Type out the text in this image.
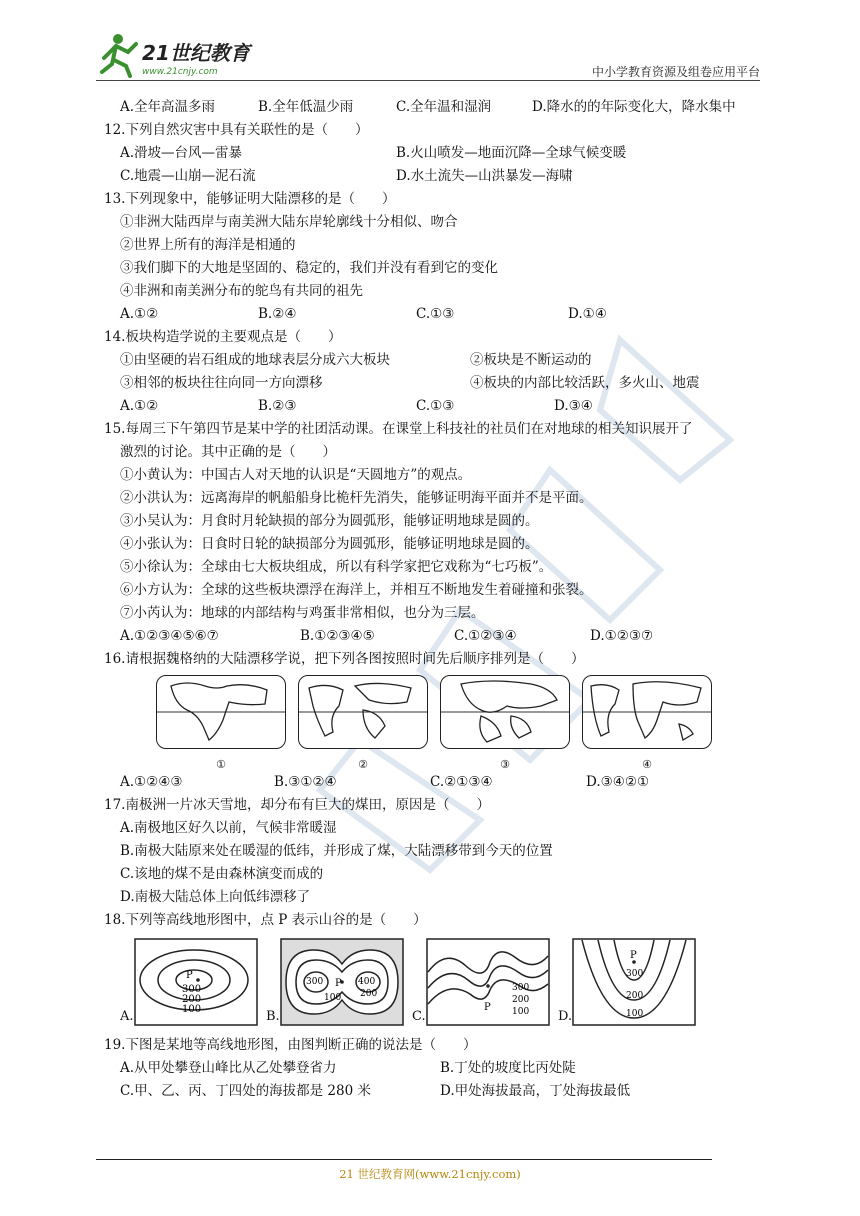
21世纪教育
www.21cnjy.com	中小学教育资源及组卷应用平台
A.全年高温多雨	B.全年低温少雨	C.全年温和湿润	D.降水的的年际变化大，降水集中
12.下列自然灾害中具有关联性的是（　　）
A.滑坡—台风—雷暴	B.火山喷发—地面沉降—全球气候变暖
C.地震—山崩—泥石流	D.水土流失—山洪暴发—海啸
13.下列现象中，能够证明大陆漂移的是（　　）
①非洲大陆西岸与南美洲大陆东岸轮廓线十分相似、吻合
②世界上所有的海洋是相通的
③我们脚下的大地是坚固的、稳定的，我们并没有看到它的变化
④非洲和南美洲分布的鸵鸟有共同的祖先
A.①②	B.②④	C.①③	D.①④
14.板块构造学说的主要观点是（　　）
①由坚硬的岩石组成的地球表层分成六大板块	②板块是不断运动的
③相邻的板块往往向同一方向漂移	④板块的内部比较活跃，多火山、地震
A.①②	B.②③	C.①③	D.③④
15.每周三下午第四节是某中学的社团活动课。在课堂上科技社的社员们在对地球的相关知识展开了
激烈的讨论。其中正确的是（　　）
①小黄认为：中国古人对天地的认识是“天圆地方”的观点。
②小洪认为：远离海岸的帆船船身比桅杆先消失，能够证明海平面并不是平面。
③小吴认为：月食时月轮缺损的部分为圆弧形，能够证明地球是圆的。
④小张认为：日食时日轮的缺损部分为圆弧形，能够证明地球是圆的。
⑤小徐认为：全球由七大板块组成，所以有科学家把它戏称为“七巧板”。
⑥小方认为：全球的这些板块漂浮在海洋上，并相互不断地发生着碰撞和张裂。
⑦小芮认为：地球的内部结构与鸡蛋非常相似，也分为三层。
A.①②③④⑤⑥⑦	B.①②③④⑤	C.①②③④	D.①②③⑦
16.请根据魏格纳的大陆漂移学说，把下列各图按照时间先后顺序排列是（　　）
①	②	③	④
A.①②④③	B.③①②④	C.②①③④	D.③④②①
17.南极洲一片冰天雪地，却分布有巨大的煤田，原因是（　　）
A.南极地区好久以前，气候非常暖湿
B.南极大陆原来处在暖湿的低纬，并形成了煤，大陆漂移带到今天的位置
C.该地的煤不是由森林演变而成的
D.南极大陆总体上向低纬漂移了
18.下列等高线地形图中，点 P 表示山谷的是（　　）
P
300
200
100
A.
300 P 400
200
100
B.
300
200
100
P
C.
P
300
200
100
D.
19.下图是某地等高线地形图，由图判断正确的说法是（　　）
A.从甲处攀登山峰比从乙处攀登省力	B.丁处的坡度比丙处陡
C.甲、乙、丙、丁四处的海拔都是 280 米	D.甲处海拔最高，丁处海拔最低
21 世纪教育网(www.21cnjy.com)
